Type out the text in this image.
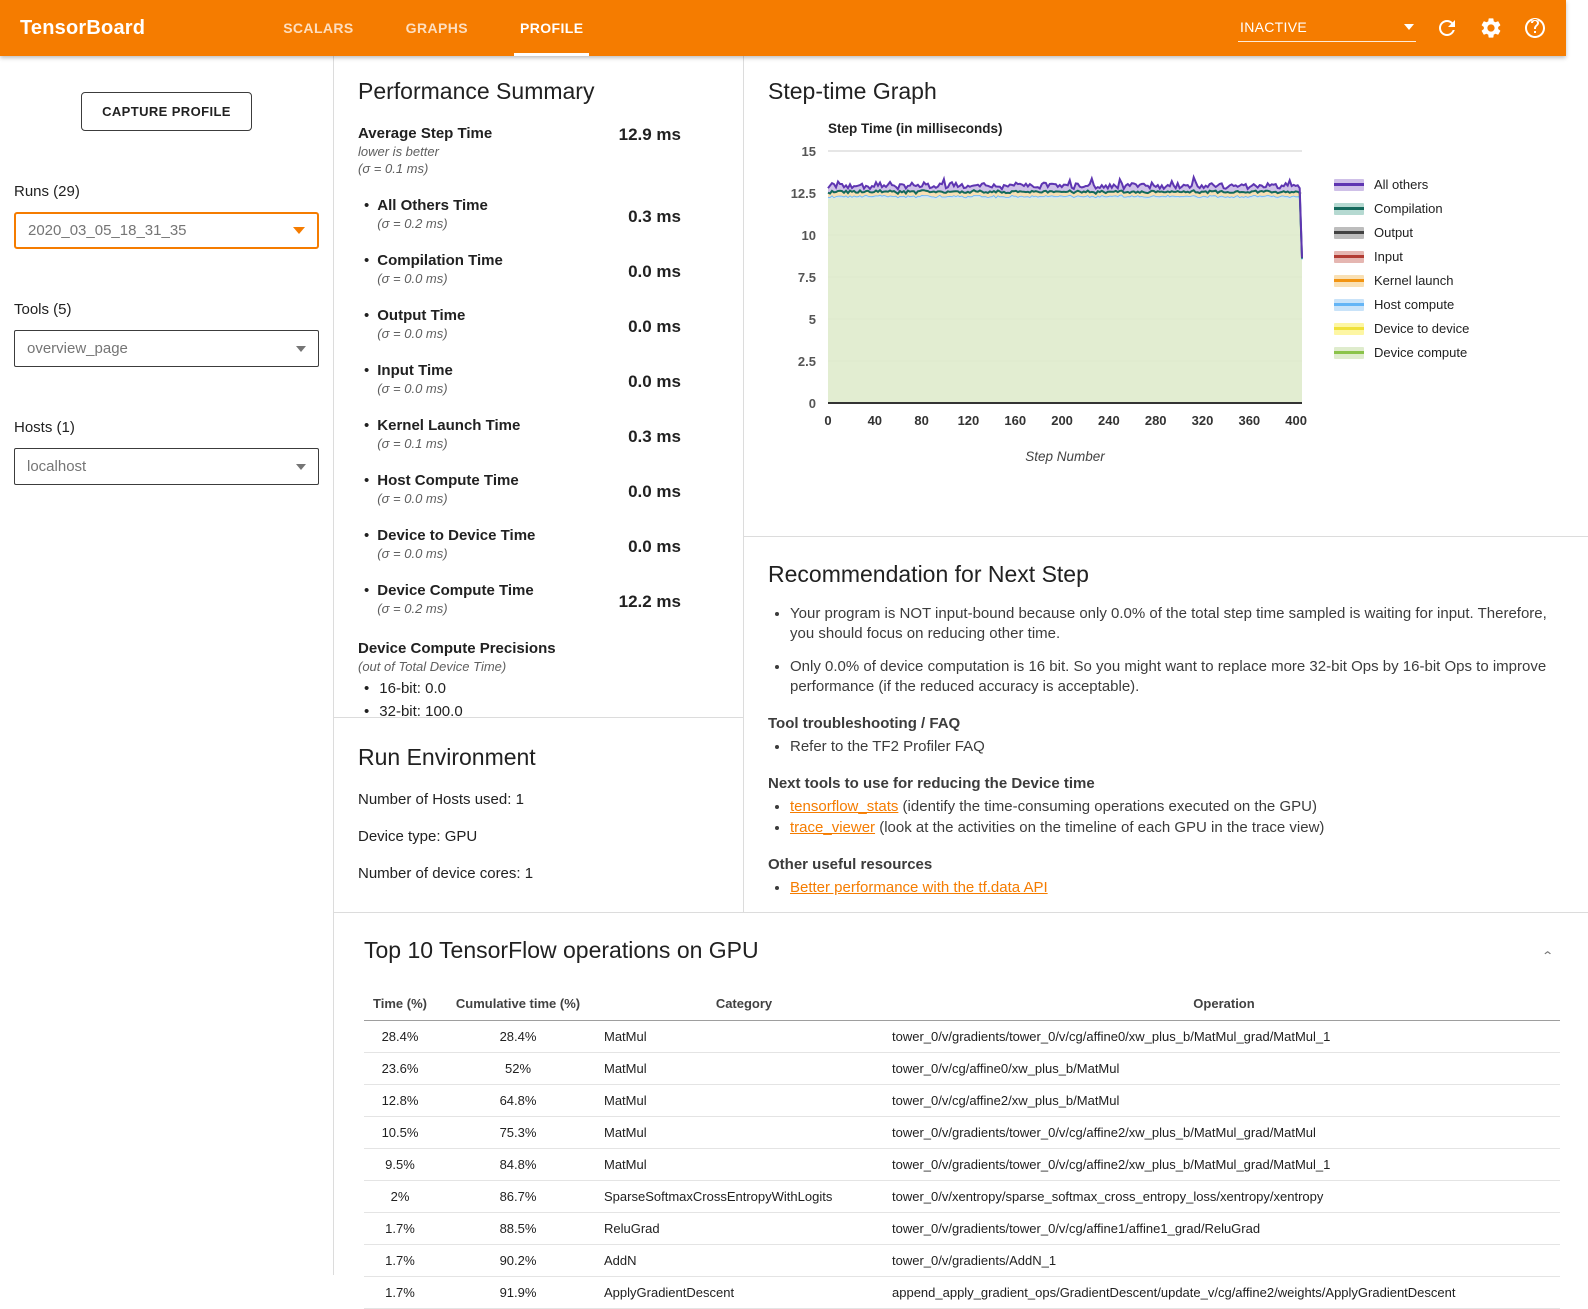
TensorBoard	SCALARS	GRAPHS	PROFILE	INACTIVE
CAPTURE PROFILE
Runs (29)
2020_03_05_18_31_35
Tools (5)
overview_page
Hosts (1)
localhost
Performance Summary
Average Step Time
lower is better
(σ = 0.1 ms)
12.9 ms
• All Others Time
(σ = 0.2 ms)	0.3 ms
• Compilation Time
(σ = 0.0 ms)	0.0 ms
• Output Time
(σ = 0.0 ms)	0.0 ms
• Input Time
(σ = 0.0 ms)	0.0 ms
• Kernel Launch Time
(σ = 0.1 ms)	0.3 ms
• Host Compute Time
(σ = 0.0 ms)	0.0 ms
• Device to Device Time
(σ = 0.0 ms)	0.0 ms
• Device Compute Time
(σ = 0.2 ms)	12.2 ms
Device Compute Precisions
(out of Total Device Time)
• 16-bit: 0.0
• 32-bit: 100.0
Run Environment

Number of Hosts used: 1

Device type: GPU

Number of device cores: 1

Step-time Graph
Step Time (in milliseconds)
0
2.5
5
7.5
10
12.5
15
0	40 80 120 160 200 240 280 320 360 400
Step Number
All others
Compilation
Output
Input
Kernel launch
Host compute
Device to device
Device compute
Recommendation for Next Step
• Your program is NOT input-bound because only 0.0% of the total step time sampled is waiting for input. Therefore, you should focus on reducing other time.
• Only 0.0% of device computation is 16 bit. So you might want to replace more 32-bit Ops by 16-bit Ops to improve performance (if the reduced accuracy is acceptable).
Tool troubleshooting / FAQ
• Refer to the TF2 Profiler FAQ
Next tools to use for reducing the Device time
• tensorflow_stats (identify the time-consuming operations executed on the GPU)
• trace_viewer (look at the activities on the timeline of each GPU in the trace view)
Other useful resources
• Better performance with the tf.data API
Top 10 TensorFlow operations on GPU	⌃
Time (%)	Cumulative time (%)	Category	Operation
28.4%	28.4%	MatMul	tower_0/v/gradients/tower_0/v/cg/affine0/xw_plus_b/MatMul_grad/MatMul_1
23.6%	52%	MatMul	tower_0/v/cg/affine0/xw_plus_b/MatMul
12.8%	64.8%	MatMul	tower_0/v/cg/affine2/xw_plus_b/MatMul
10.5%	75.3%	MatMul	tower_0/v/gradients/tower_0/v/cg/affine2/xw_plus_b/MatMul_grad/MatMul
9.5%	84.8%	MatMul	tower_0/v/gradients/tower_0/v/cg/affine2/xw_plus_b/MatMul_grad/MatMul_1
2%	86.7%	SparseSoftmaxCrossEntropyWithLogits	tower_0/v/xentropy/sparse_softmax_cross_entropy_loss/xentropy/xentropy
1.7%	88.5%	ReluGrad	tower_0/v/gradients/tower_0/v/cg/affine1/affine1_grad/ReluGrad
1.7%	90.2%	AddN	tower_0/v/gradients/AddN_1
1.7%	91.9%	ApplyGradientDescent	append_apply_gradient_ops/GradientDescent/update_v/cg/affine2/weights/ApplyGradientDescent
